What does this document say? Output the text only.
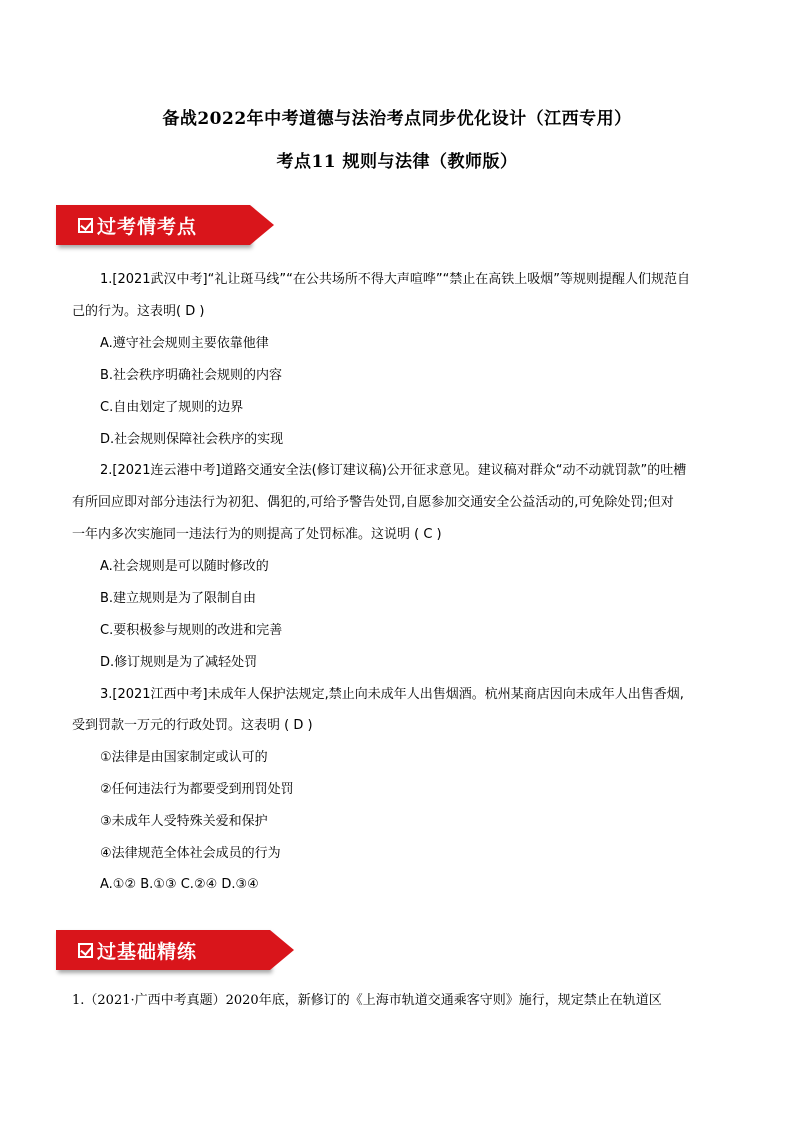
备战2022年中考道德与法治考点同步优化设计（江西专用）
考点11 规则与法律（教师版）
过考情考点
1.[2021武汉中考]“礼让斑马线”“在公共场所不得大声喧哗”“禁止在高铁上吸烟”等规则提醒人们规范自
己的行为。这表明( D )
A.遵守社会规则主要依靠他律
B.社会秩序明确社会规则的内容
C.自由划定了规则的边界
D.社会规则保障社会秩序的实现
2.[2021连云港中考]道路交通安全法(修订建议稿)公开征求意见。建议稿对群众“动不动就罚款”的吐槽
有所回应即对部分违法行为初犯、偶犯的,可给予警告处罚,自愿参加交通安全公益活动的,可免除处罚;但对
一年内多次实施同一违法行为的则提高了处罚标准。这说明 ( C )
A.社会规则是可以随时修改的
B.建立规则是为了限制自由
C.要积极参与规则的改进和完善
D.修订规则是为了减轻处罚
3.[2021江西中考]未成年人保护法规定,禁止向未成年人出售烟酒。杭州某商店因向未成年人出售香烟,
受到罚款一万元的行政处罚。这表明 ( D )
①法律是由国家制定或认可的
②任何违法行为都要受到刑罚处罚
③未成年人受特殊关爱和保护
④法律规范全体社会成员的行为
A.①② B.①③ C.②④ D.③④
过基础精练
1.（2021·广西中考真题）2020年底，新修订的《上海市轨道交通乘客守则》施行，规定禁止在轨道区
